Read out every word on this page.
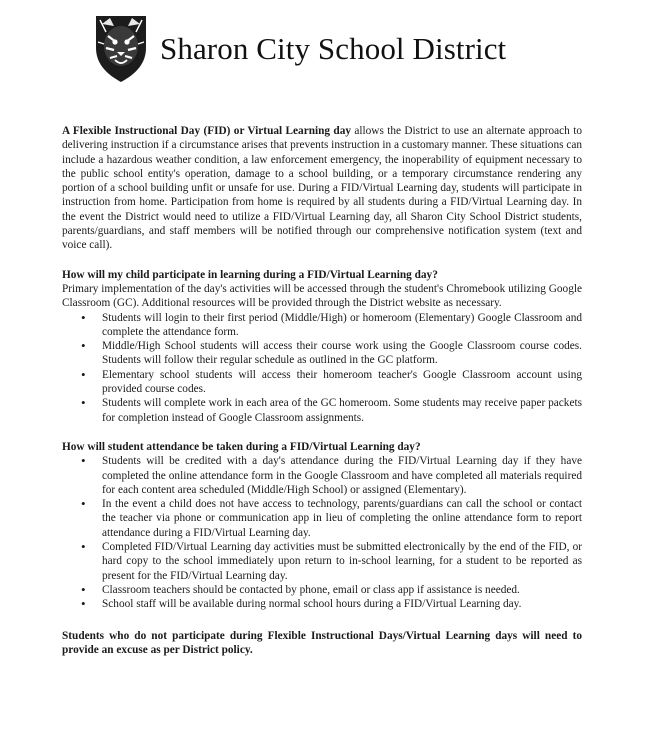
Sharon City School District

A Flexible Instructional Day (FID) or Virtual Learning day allows the District to use an alternate approach to delivering instruction if a circumstance arises that prevents instruction in a customary manner. These situations can include a hazardous weather condition, a law enforcement emergency, the inoperability of equipment necessary to the public school entity's operation, damage to a school building, or a temporary circumstance rendering any portion of a school building unfit or unsafe for use. During a FID/Virtual Learning day, students will participate in instruction from home. Participation from home is required by all students during a FID/Virtual Learning day. In the event the District would need to utilize a FID/Virtual Learning day, all Sharon City School District students, parents/guardians, and staff members will be notified through our comprehensive notification system (text and voice call).

How will my child participate in learning during a FID/Virtual Learning day?

Primary implementation of the day's activities will be accessed through the student's Chromebook utilizing Google Classroom (GC). Additional resources will be provided through the District website as necessary.

• Students will login to their first period (Middle/High) or homeroom (Elementary) Google Classroom and complete the attendance form.
• Middle/High School students will access their course work using the Google Classroom course codes. Students will follow their regular schedule as outlined in the GC platform.
• Elementary school students will access their homeroom teacher's Google Classroom account using provided course codes.
• Students will complete work in each area of the GC homeroom. Some students may receive paper packets for completion instead of Google Classroom assignments.

How will student attendance be taken during a FID/Virtual Learning day?

• Students will be credited with a day's attendance during the FID/Virtual Learning day if they have completed the online attendance form in the Google Classroom and have completed all materials required for each content area scheduled (Middle/High School) or assigned (Elementary).
• In the event a child does not have access to technology, parents/guardians can call the school or contact the teacher via phone or communication app in lieu of completing the online attendance form to report attendance during a FID/Virtual Learning day.
• Completed FID/Virtual Learning day activities must be submitted electronically by the end of the FID, or hard copy to the school immediately upon return to in-school learning, for a student to be reported as present for the FID/Virtual Learning day.
• Classroom teachers should be contacted by phone, email or class app if assistance is needed.
• School staff will be available during normal school hours during a FID/Virtual Learning day.

Students who do not participate during Flexible Instructional Days/Virtual Learning days will need to provide an excuse as per District policy.
